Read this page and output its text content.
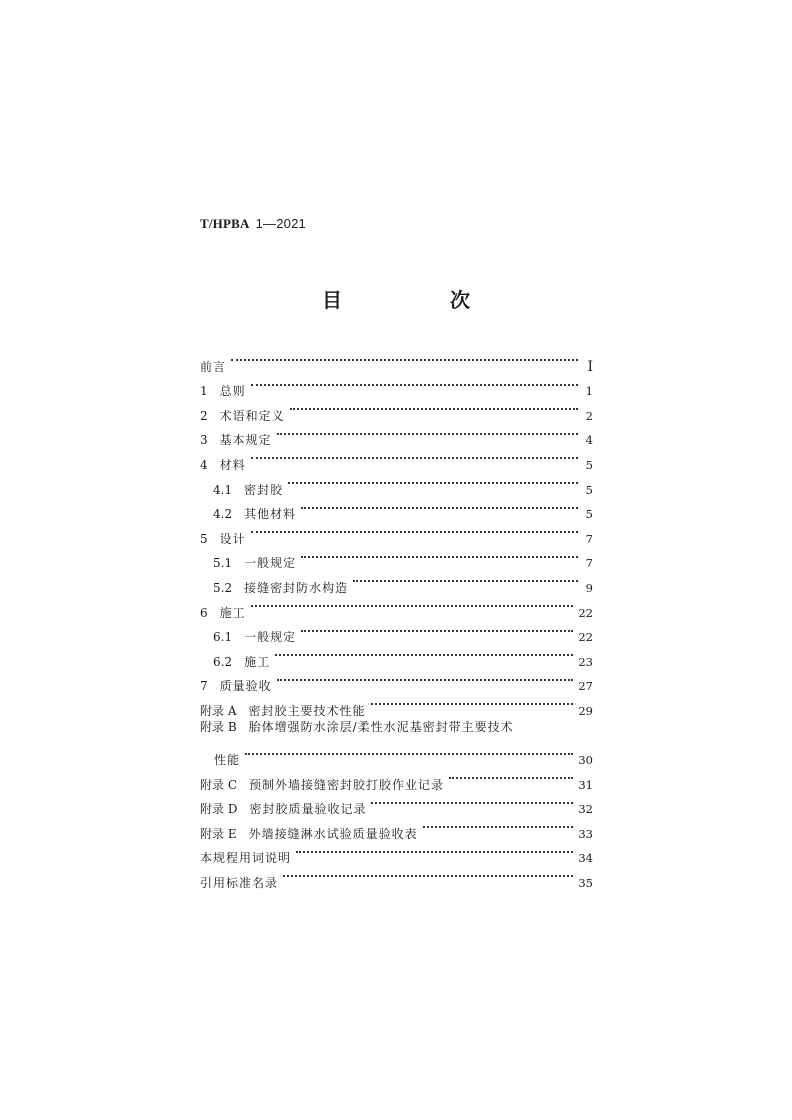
T/HPBA 1—2021
目　次
前言	Ⅰ
1 总则	1
2 术语和定义	2
3 基本规定	4
4 材料	5
4.1 密封胶	5
4.2 其他材料	5
5 设计	7
5.1 一般规定	7
5.2 接缝密封防水构造	9
6 施工	22
6.1 一般规定	22
6.2 施工	23
7 质量验收	27
附录 A 密封胶主要技术性能	29
附录 B 胎体增强防水涂层/柔性水泥基密封带主要技术
性能	30
附录 C 预制外墙接缝密封胶打胶作业记录	31
附录 D 密封胶质量验收记录	32
附录 E 外墙接缝淋水试验质量验收表	33
本规程用词说明	34
引用标准名录	35
